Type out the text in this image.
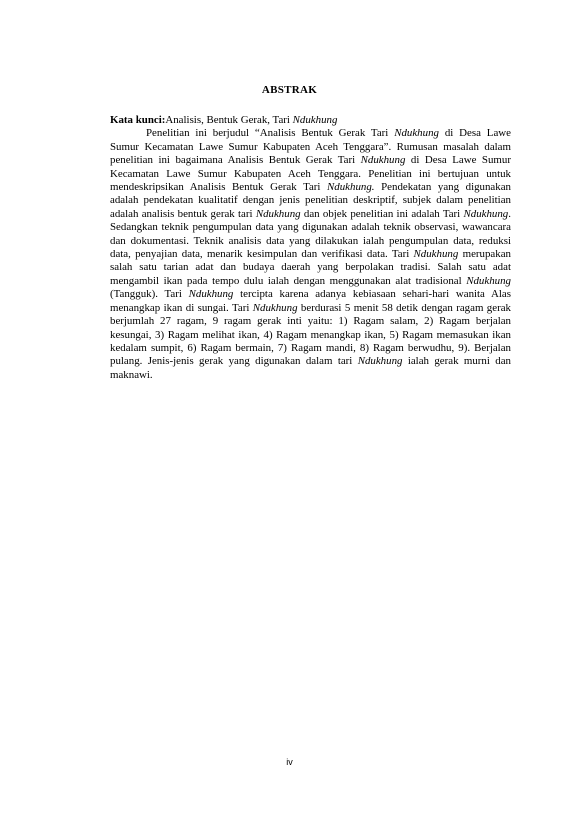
ABSTRAK

Kata kunci:Analisis, Bentuk Gerak, Tari Ndukhung

Penelitian ini berjudul “Analisis Bentuk Gerak Tari Ndukhung di Desa Lawe Sumur Kecamatan Lawe Sumur Kabupaten Aceh Tenggara”. Rumusan masalah dalam penelitian ini bagaimana Analisis Bentuk Gerak Tari Ndukhung di Desa Lawe Sumur Kecamatan Lawe Sumur Kabupaten Aceh Tenggara. Penelitian ini bertujuan untuk mendeskripsikan Analisis Bentuk Gerak Tari Ndukhung. Pendekatan yang digunakan adalah pendekatan kualitatif dengan jenis penelitian deskriptif, subjek dalam penelitian adalah analisis bentuk gerak tari Ndukhung dan objek penelitian ini adalah Tari Ndukhung. Sedangkan teknik pengumpulan data yang digunakan adalah teknik observasi, wawancara dan dokumentasi. Teknik analisis data yang dilakukan ialah pengumpulan data, reduksi data, penyajian data, menarik kesimpulan dan verifikasi data. Tari Ndukhung merupakan salah satu tarian adat dan budaya daerah yang berpolakan tradisi. Salah satu adat mengambil ikan pada tempo dulu ialah dengan menggunakan alat tradisional Ndukhung (Tangguk). Tari Ndukhung tercipta karena adanya kebiasaan sehari-hari wanita Alas menangkap ikan di sungai. Tari Ndukhung berdurasi 5 menit 58 detik dengan ragam gerak berjumlah 27 ragam, 9 ragam gerak inti yaitu: 1) Ragam salam, 2) Ragam berjalan kesungai, 3) Ragam melihat ikan, 4) Ragam menangkap ikan, 5) Ragam memasukan ikan kedalam sumpit, 6) Ragam bermain, 7) Ragam mandi, 8) Ragam berwudhu, 9). Berjalan pulang. Jenis-jenis gerak yang digunakan dalam tari Ndukhung ialah gerak murni dan maknawi.

iv
